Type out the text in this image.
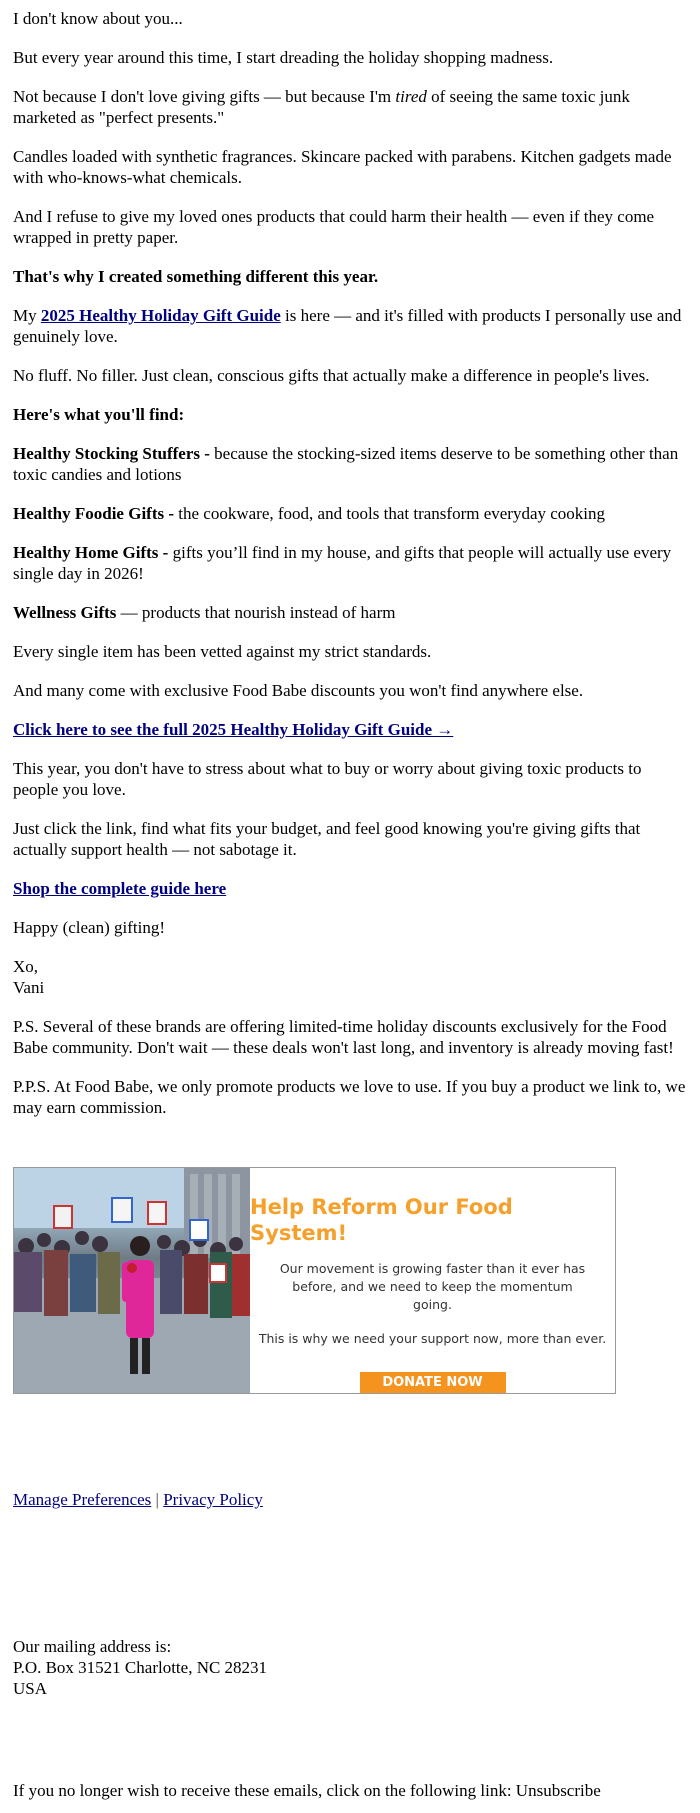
I don't know about you...

But every year around this time, I start dreading the holiday shopping madness.

Not because I don't love giving gifts — but because I'm tired of seeing the same toxic junk marketed as "perfect presents."

Candles loaded with synthetic fragrances. Skincare packed with parabens. Kitchen gadgets made with who-knows-what chemicals.

And I refuse to give my loved ones products that could harm their health — even if they come wrapped in pretty paper.

That's why I created something different this year.

My 2025 Healthy Holiday Gift Guide is here — and it's filled with products I personally use and genuinely love.

No fluff. No filler. Just clean, conscious gifts that actually make a difference in people's lives.

Here's what you'll find:

Healthy Stocking Stuffers - because the stocking-sized items deserve to be something other than toxic candies and lotions

Healthy Foodie Gifts - the cookware, food, and tools that transform everyday cooking

Healthy Home Gifts - gifts you’ll find in my house, and gifts that people will actually use every single day in 2026!

Wellness Gifts — products that nourish instead of harm

Every single item has been vetted against my strict standards.

And many come with exclusive Food Babe discounts you won't find anywhere else.

Click here to see the full 2025 Healthy Holiday Gift Guide →

This year, you don't have to stress about what to buy or worry about giving toxic products to people you love.

Just click the link, find what fits your budget, and feel good knowing you're giving gifts that actually support health — not sabotage it.

Shop the complete guide here

Happy (clean) gifting!

Xo,
Vani

P.S. Several of these brands are offering limited-time holiday discounts exclusively for the Food Babe community. Don't wait — these deals won't last long, and inventory is already moving fast!

P.P.S. At Food Babe, we only promote products we love to use. If you buy a product we link to, we may earn commission.

Help Reform Our Food System!
Our movement is growing faster than it ever has before, and we need to keep the momentum going.
This is why we need your support now, more than ever.
DONATE NOW
Manage Preferences | Privacy Policy
Our mailing address is:
P.O. Box 31521 Charlotte, NC 28231
USA
If you no longer wish to receive these emails, click on the following link: Unsubscribe
